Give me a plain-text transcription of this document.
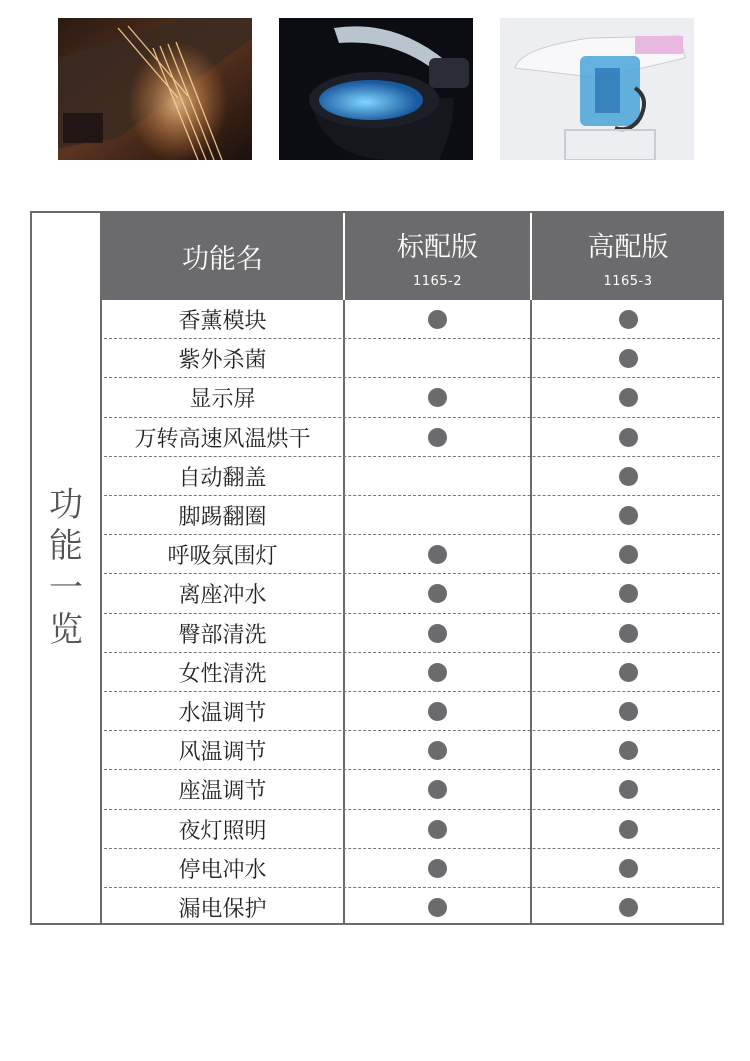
功
能
一
览
功能名	标配版
1165-2
高配版
1165-3
香薰模块
紫外杀菌
显示屏
万转高速风温烘干
自动翻盖
脚踢翻圈
呼吸氛围灯
离座冲水
臀部清洗
女性清洗
水温调节
风温调节
座温调节
夜灯照明
停电冲水
漏电保护
